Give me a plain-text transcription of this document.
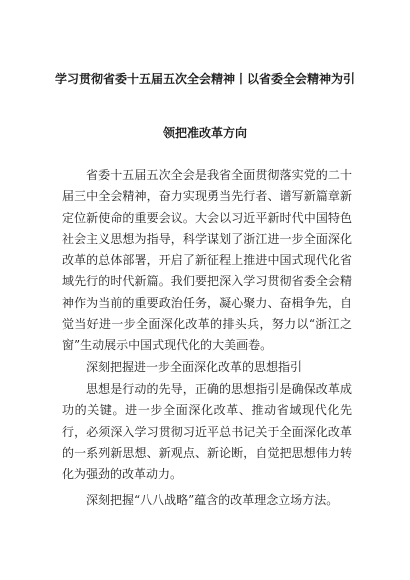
学习贯彻省委十五届五次全会精神丨以省委全会精神为引
领把准改革方向

省委十五届五次全会是我省全面贯彻落实党的二十届三中全会精神，奋力实现勇当先行者、谱写新篇章新定位新使命的重要会议。大会以习近平新时代中国特色社会主义思想为指导，科学谋划了浙江进一步全面深化改革的总体部署，开启了新征程上推进中国式现代化省域先行的时代新篇。我们要把深入学习贯彻省委全会精神作为当前的重要政治任务，凝心聚力、奋楫争先，自觉当好进一步全面深化改革的排头兵，努力以“浙江之窗”生动展示中国式现代化的大美画卷。

深刻把握进一步全面深化改革的思想指引

思想是行动的先导，正确的思想指引是确保改革成功的关键。进一步全面深化改革、推动省域现代化先行，必须深入学习贯彻习近平总书记关于全面深化改革的一系列新思想、新观点、新论断，自觉把思想伟力转化为强劲的改革动力。

深刻把握“八八战略”蕴含的改革理念立场方法。
